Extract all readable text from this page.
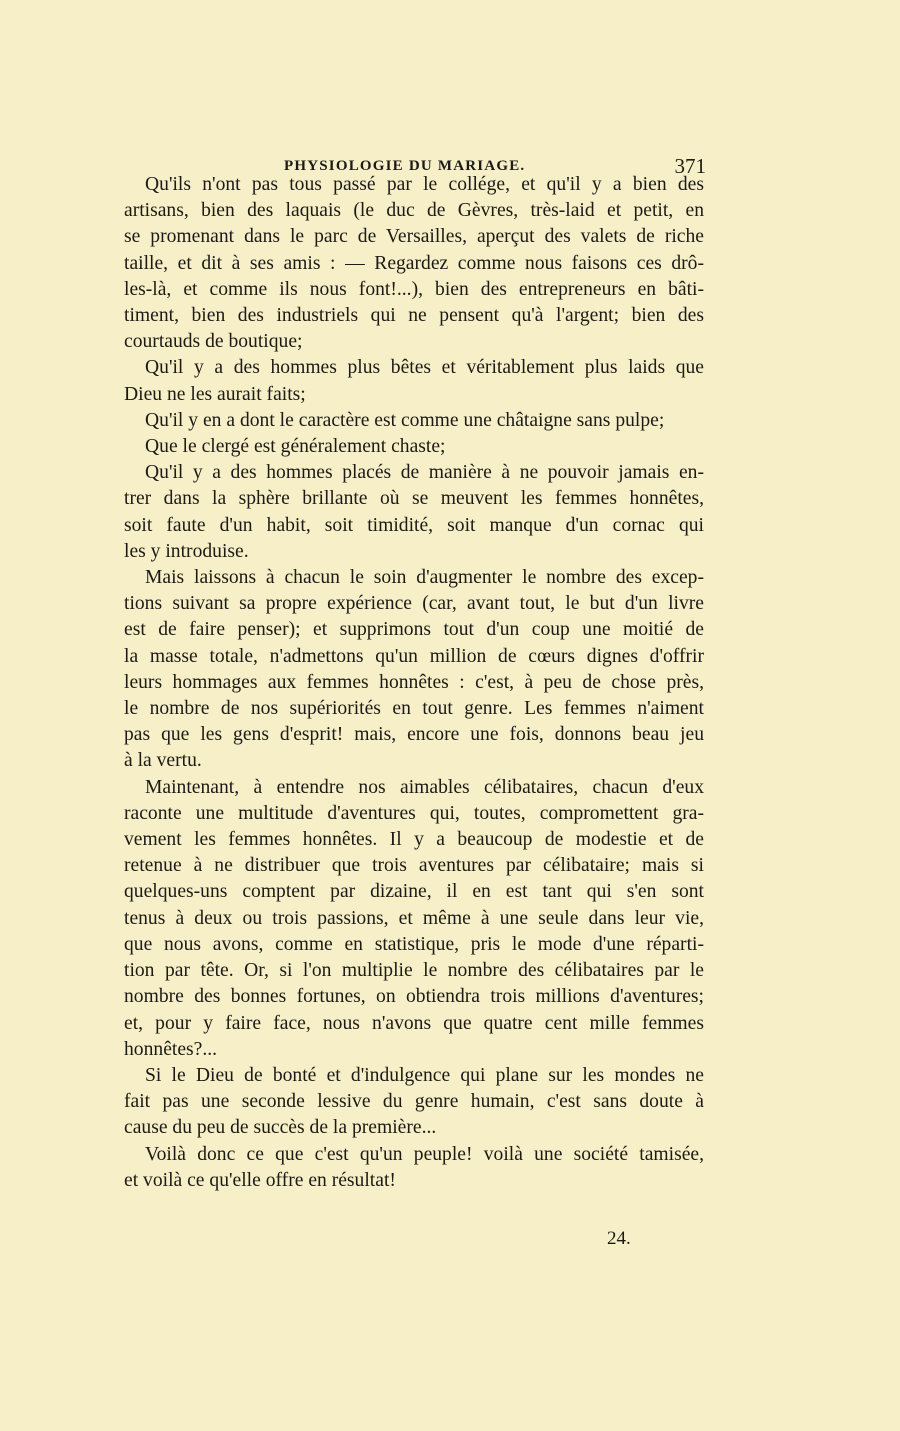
PHYSIOLOGIE DU MARIAGE.	371
Qu'ils n'ont pas tous passé par le collége, et qu'il y a bien des
artisans, bien des laquais (le duc de Gèvres, très-laid et petit, en
se promenant dans le parc de Versailles, aperçut des valets de riche
taille, et dit à ses amis : — Regardez comme nous faisons ces drô-
les-là, et comme ils nous font!...), bien des entrepreneurs en bâti-
timent, bien des industriels qui ne pensent qu'à l'argent; bien des
courtauds de boutique;
Qu'il y a des hommes plus bêtes et véritablement plus laids que
Dieu ne les aurait faits;
Qu'il y en a dont le caractère est comme une châtaigne sans pulpe;
Que le clergé est généralement chaste;
Qu'il y a des hommes placés de manière à ne pouvoir jamais en-
trer dans la sphère brillante où se meuvent les femmes honnêtes,
soit faute d'un habit, soit timidité, soit manque d'un cornac qui
les y introduise.
Mais laissons à chacun le soin d'augmenter le nombre des excep-
tions suivant sa propre expérience (car, avant tout, le but d'un livre
est de faire penser); et supprimons tout d'un coup une moitié de
la masse totale, n'admettons qu'un million de cœurs dignes d'offrir
leurs hommages aux femmes honnêtes : c'est, à peu de chose près,
le nombre de nos supériorités en tout genre. Les femmes n'aiment
pas que les gens d'esprit! mais, encore une fois, donnons beau jeu
à la vertu.
Maintenant, à entendre nos aimables célibataires, chacun d'eux
raconte une multitude d'aventures qui, toutes, compromettent gra-
vement les femmes honnêtes. Il y a beaucoup de modestie et de
retenue à ne distribuer que trois aventures par célibataire; mais si
quelques-uns comptent par dizaine, il en est tant qui s'en sont
tenus à deux ou trois passions, et même à une seule dans leur vie,
que nous avons, comme en statistique, pris le mode d'une réparti-
tion par tête. Or, si l'on multiplie le nombre des célibataires par le
nombre des bonnes fortunes, on obtiendra trois millions d'aventures;
et, pour y faire face, nous n'avons que quatre cent mille femmes
honnêtes?...
Si le Dieu de bonté et d'indulgence qui plane sur les mondes ne
fait pas une seconde lessive du genre humain, c'est sans doute à
cause du peu de succès de la première...
Voilà donc ce que c'est qu'un peuple! voilà une société tamisée,
et voilà ce qu'elle offre en résultat!
24.
